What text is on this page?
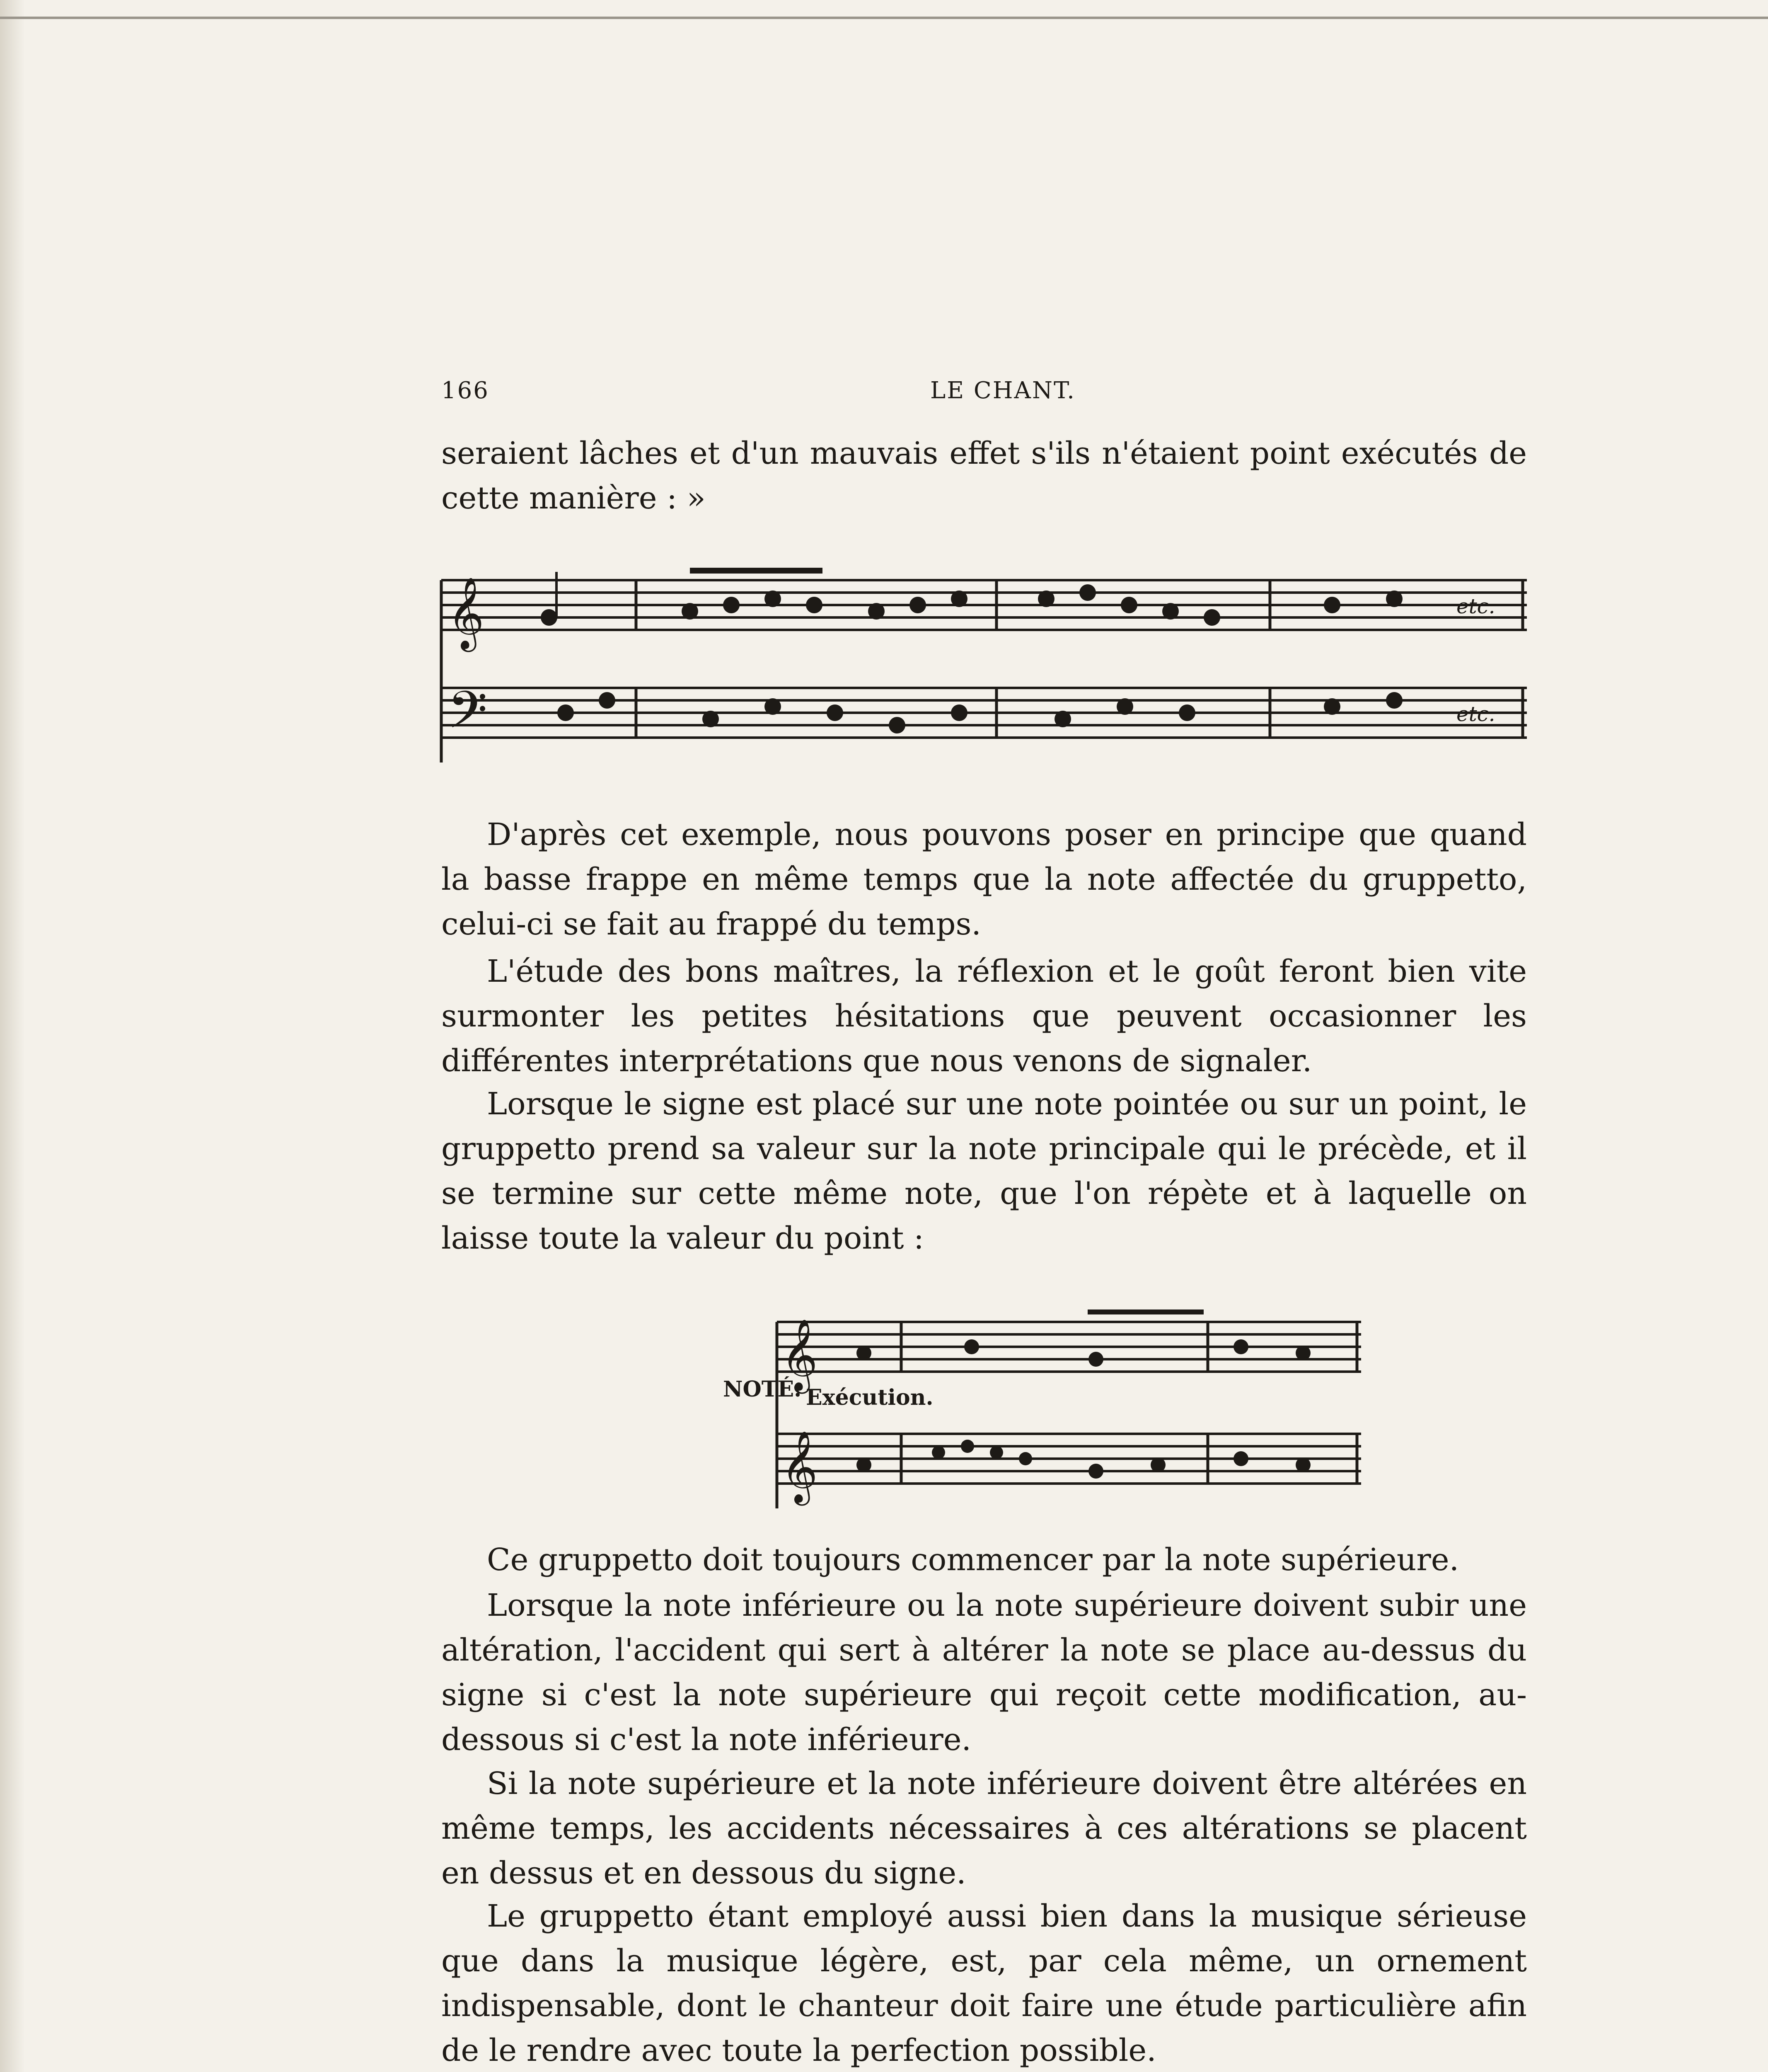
166	LE CHANT.

seraient lâches et d'un mauvais effet s'ils n'étaient point exécutés de cette manière : »

𝄞	etc.
𝄢	etc.

D'après cet exemple, nous pouvons poser en principe que quand la basse frappe en même temps que la note affectée du gruppetto, celui-ci se fait au frappé du temps.

L'étude des bons maîtres, la réflexion et le goût feront bien vite surmonter les petites hésitations que peuvent occasionner les différentes interprétations que nous venons de signaler.

Lorsque le signe est placé sur une note pointée ou sur un point, le gruppetto prend sa valeur sur la note principale qui le précède, et il se termine sur cette même note, que l'on répète et à laquelle on laisse toute la valeur du point :

NOTÉ. Exécution.
𝄞
𝄞

Ce gruppetto doit toujours commencer par la note supérieure.

Lorsque la note inférieure ou la note supérieure doivent subir une altération, l'accident qui sert à altérer la note se place au-dessus du signe si c'est la note supérieure qui reçoit cette modification, au-dessous si c'est la note inférieure.

Si la note supérieure et la note inférieure doivent être altérées en même temps, les accidents nécessaires à ces altérations se placent en dessus et en dessous du signe.

Le gruppetto étant employé aussi bien dans la musique sérieuse que dans la musique légère, est, par cela même, un ornement indispensable, dont le chanteur doit faire une étude particulière afin de le rendre avec toute la perfection possible.
